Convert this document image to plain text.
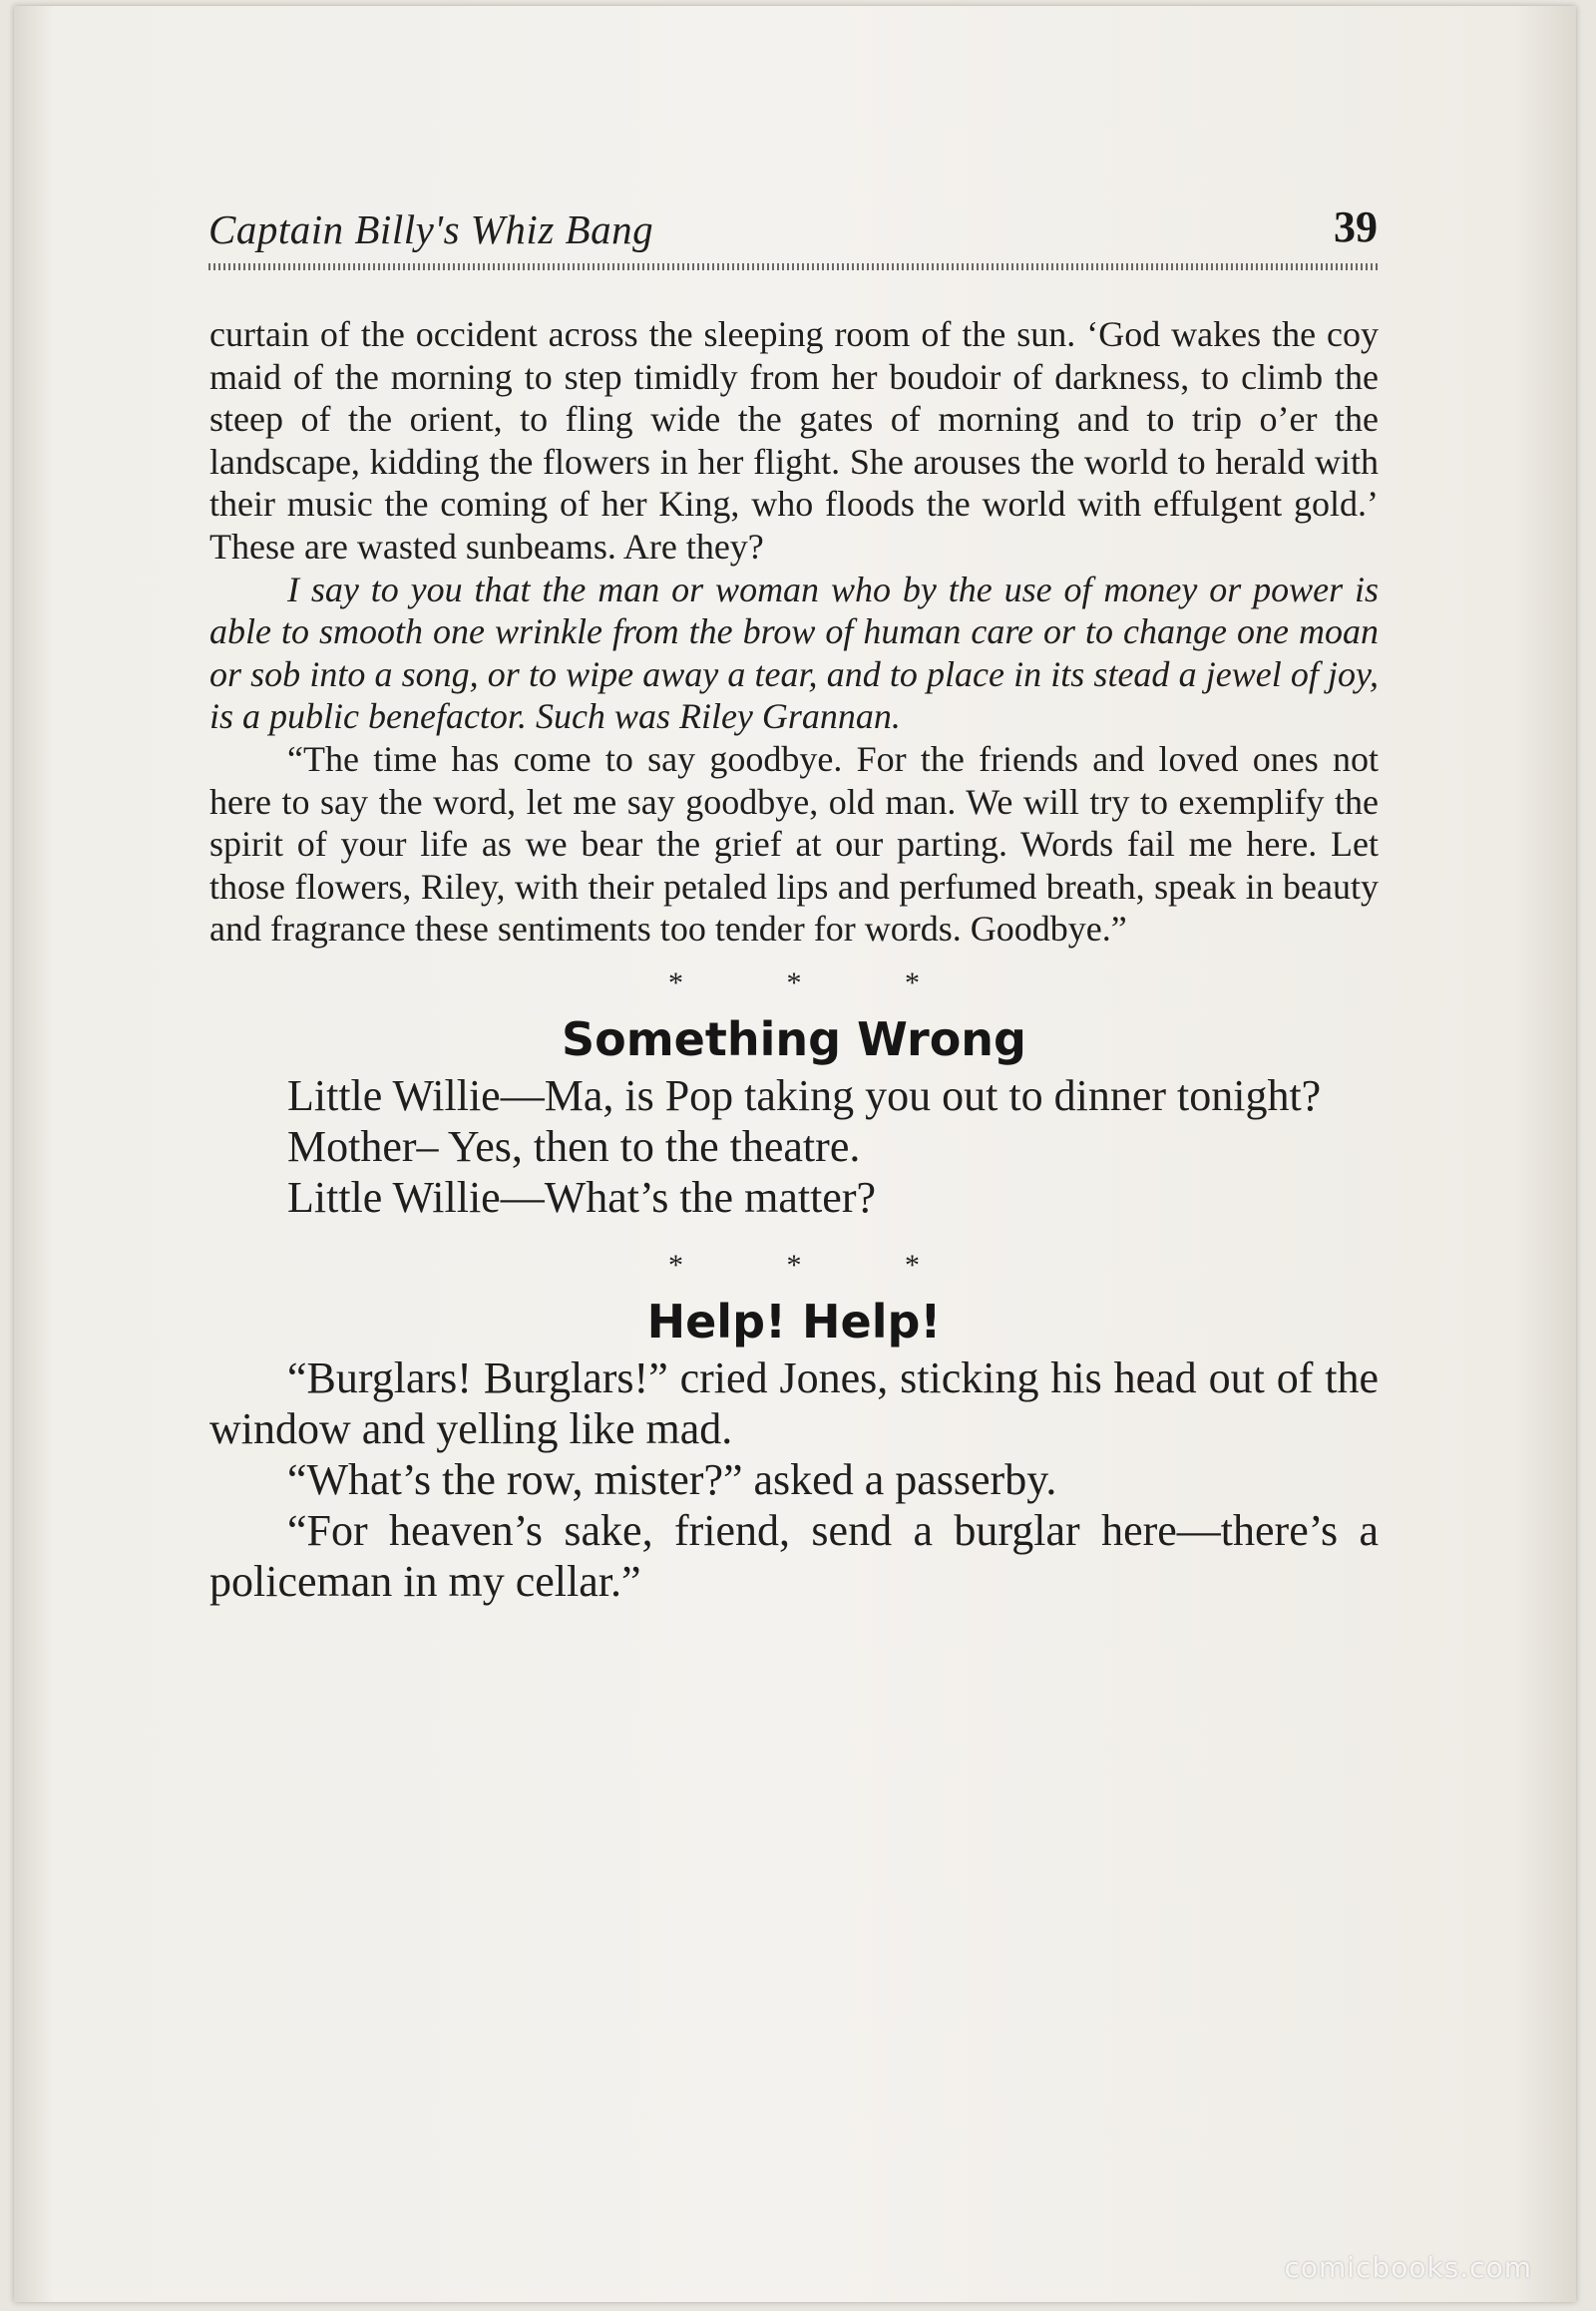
Captain Billy's Whiz Bang	39

curtain of the occident across the sleeping room of the sun. ‘God wakes the coy maid of the morning to step timidly from her boudoir of darkness, to climb the steep of the orient, to fling wide the gates of morning and to trip o’er the landscape, kidding the flowers in her flight. She arouses the world to herald with their music the coming of her King, who floods the world with effulgent gold.’ These are wasted sunbeams. Are they?

I say to you that the man or woman who by the use of money or power is able to smooth one wrinkle from the brow of human care or to change one moan or sob into a song, or to wipe away a tear, and to place in its stead a jewel of joy, is a public benefactor. Such was Riley Grannan.

“The time has come to say goodbye. For the friends and loved ones not here to say the word, let me say goodbye, old man. We will try to exemplify the spirit of your life as we bear the grief at our parting. Words fail me here. Let those flowers, Riley, with their petaled lips and perfumed breath, speak in beauty and fragrance these sentiments too tender for words. Goodbye.”

* * *

Something Wrong

Little Willie—Ma, is Pop taking you out to dinner tonight?

Mother– Yes, then to the theatre.

Little Willie—What’s the matter?

* * *

Help! Help!

“Burglars! Burglars!” cried Jones, sticking his head out of the window and yelling like mad.

“What’s the row, mister?” asked a passerby.

“For heaven’s sake, friend, send a burglar here—there’s a policeman in my cellar.”

comicbooks.com
